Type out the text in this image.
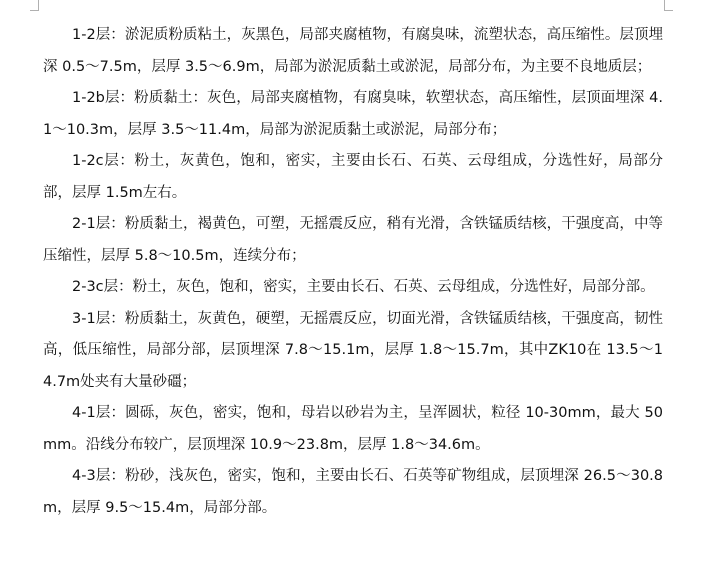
1-2层：淤泥质粉质粘土，灰黑色，局部夹腐植物，有腐臭味，流塑状态，高压缩性。层顶埋深 0.5～7.5m，层厚 3.5～6.9m，局部为淤泥质黏土或淤泥，局部分布，为主要不良地质层；

1-2b层：粉质黏土：灰色，局部夹腐植物，有腐臭味，软塑状态，高压缩性，层顶面埋深 4.1～10.3m，层厚 3.5～11.4m，局部为淤泥质黏土或淤泥，局部分布；

1-2c层：粉土，灰黄色，饱和，密实，主要由长石、石英、云母组成，分选性好，局部分部，层厚 1.5m左右。

2-1层：粉质黏土，褐黄色，可塑，无摇震反应，稍有光滑，含铁锰质结核，干强度高，中等压缩性，层厚 5.8～10.5m，连续分布；

2-3c层：粉土，灰色，饱和，密实，主要由长石、石英、云母组成，分选性好，局部分部。

3-1层：粉质黏土，灰黄色，硬塑，无摇震反应，切面光滑，含铁锰质结核，干强度高，韧性高，低压缩性，局部分部，层顶埋深 7.8～15.1m，层厚 1.8～15.7m，其中ZK10在 13.5～14.7m处夹有大量砂礓；

4-1层：圆砾，灰色，密实，饱和，母岩以砂岩为主，呈浑圆状，粒径 10-30mm，最大 50mm。沿线分布较广，层顶埋深 10.9～23.8m，层厚 1.8～34.6m。

4-3层：粉砂，浅灰色，密实，饱和，主要由长石、石英等矿物组成，层顶埋深 26.5～30.8m，层厚 9.5～15.4m，局部分部。
